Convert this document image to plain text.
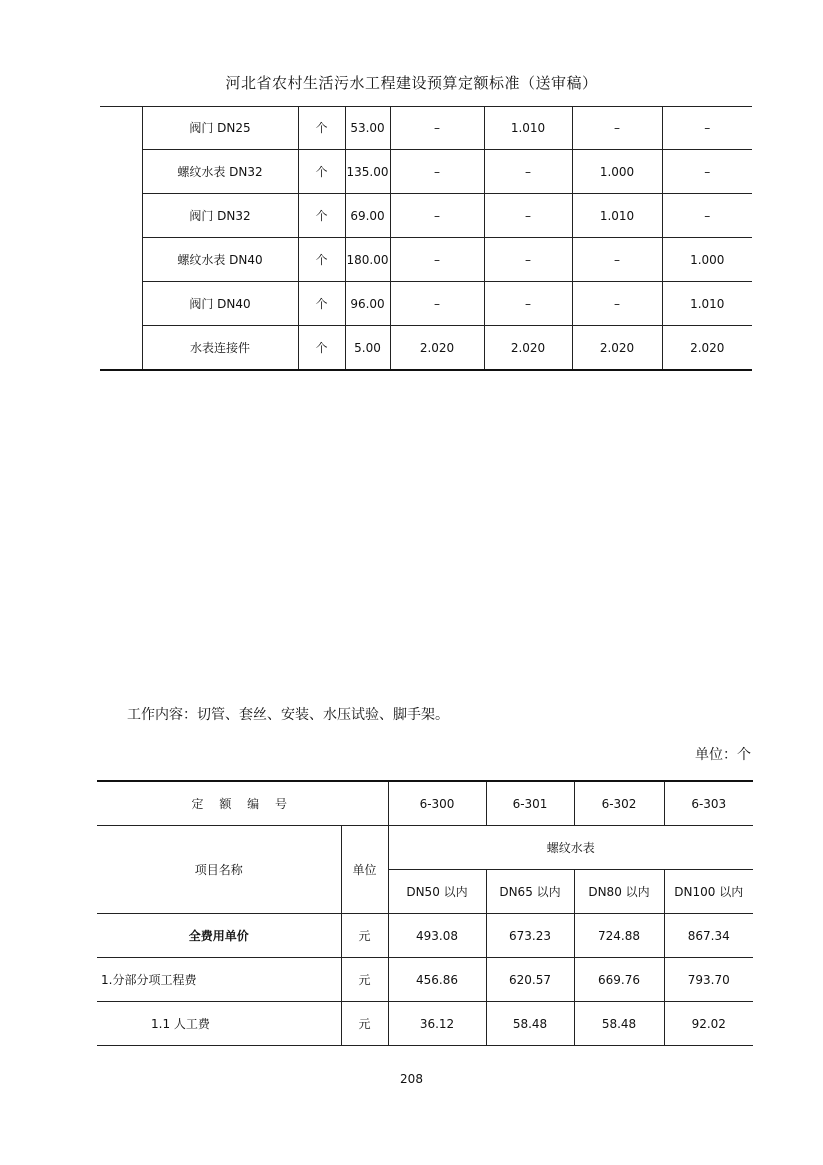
河北省农村生活污水工程建设预算定额标准（送审稿）
	阀门 DN25	个	53.00	–	1.010	–	–
	螺纹水表 DN32	个	135.00	–	–	1.000	–
	阀门 DN32	个	69.00	–	–	1.010	–
	螺纹水表 DN40	个	180.00	–	–	–	1.000
	阀门 DN40	个	96.00	–	–	–	1.010
	水表连接件	个	5.00	2.020	2.020	2.020	2.020
工作内容：切管、套丝、安装、水压试验、脚手架。
单位：个
定 额 编 号		6-300	6-301	6-302	6-303
项目名称	单位	螺纹水表			
		DN50 以内	DN65 以内	DN80 以内	DN100 以内
全费用单价	元	493.08	673.23	724.88	867.34
1.分部分项工程费	元	456.86	620.57	669.76	793.70
1.1 人工费	元	36.12	58.48	58.48	92.02
208
